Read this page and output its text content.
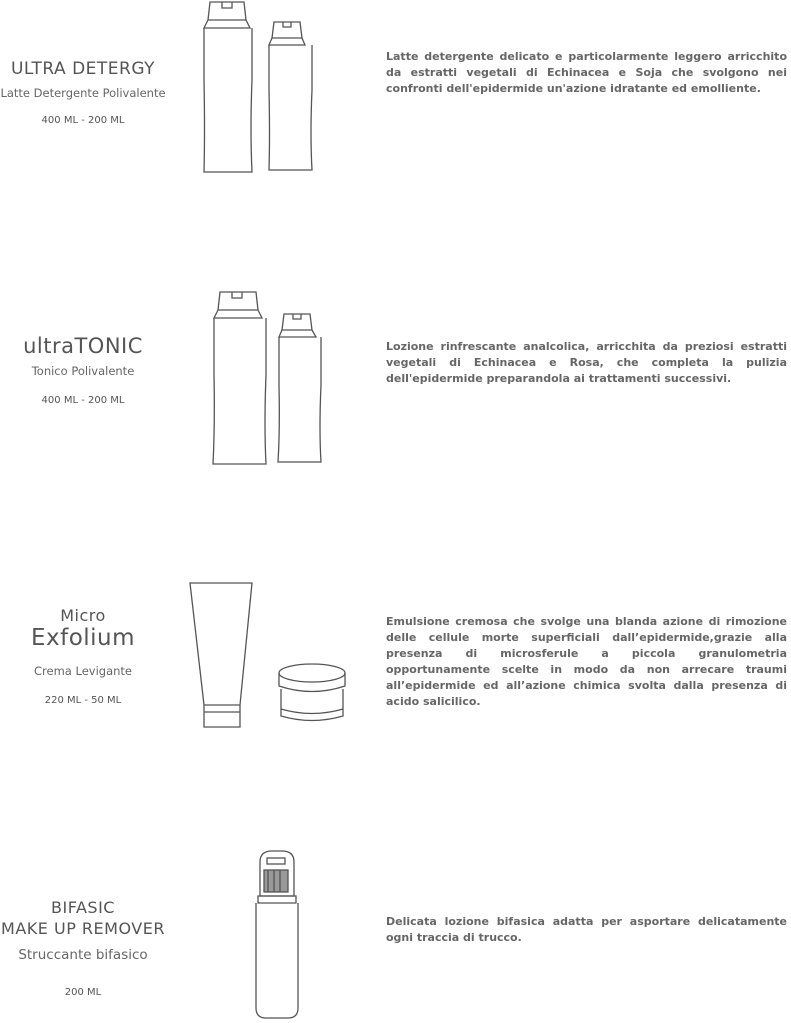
ULTRA DETERGY
Latte Detergente Polivalente
400 ML - 200 ML
Latte detergente delicato e particolarmente leggero arricchito da estratti vegetali di Echinacea e Soja che svolgono nei confronti dell'epidermide un'azione idratante ed emolliente.
ultraTONIC
Tonico Polivalente
400 ML - 200 ML
Lozione rinfrescante analcolica, arricchita da preziosi estratti vegetali di Echinacea e Rosa, che completa la pulizia dell'epidermide preparandola ai trattamenti successivi.
Micro
Exfolium
Crema Levigante
220 ML - 50 ML
Emulsione cremosa che svolge una blanda azione di rimozione delle cellule morte superficiali dall’epidermide,grazie alla presenza di microsferule a piccola granulometria opportunamente scelte in modo da non arrecare traumi all’epidermide ed all’azione chimica svolta dalla presenza di acido salicilico.
BIFASIC
MAKE UP REMOVER
Struccante bifasico
200 ML
Delicata lozione bifasica adatta per asportare delicatamente ogni traccia di trucco.
